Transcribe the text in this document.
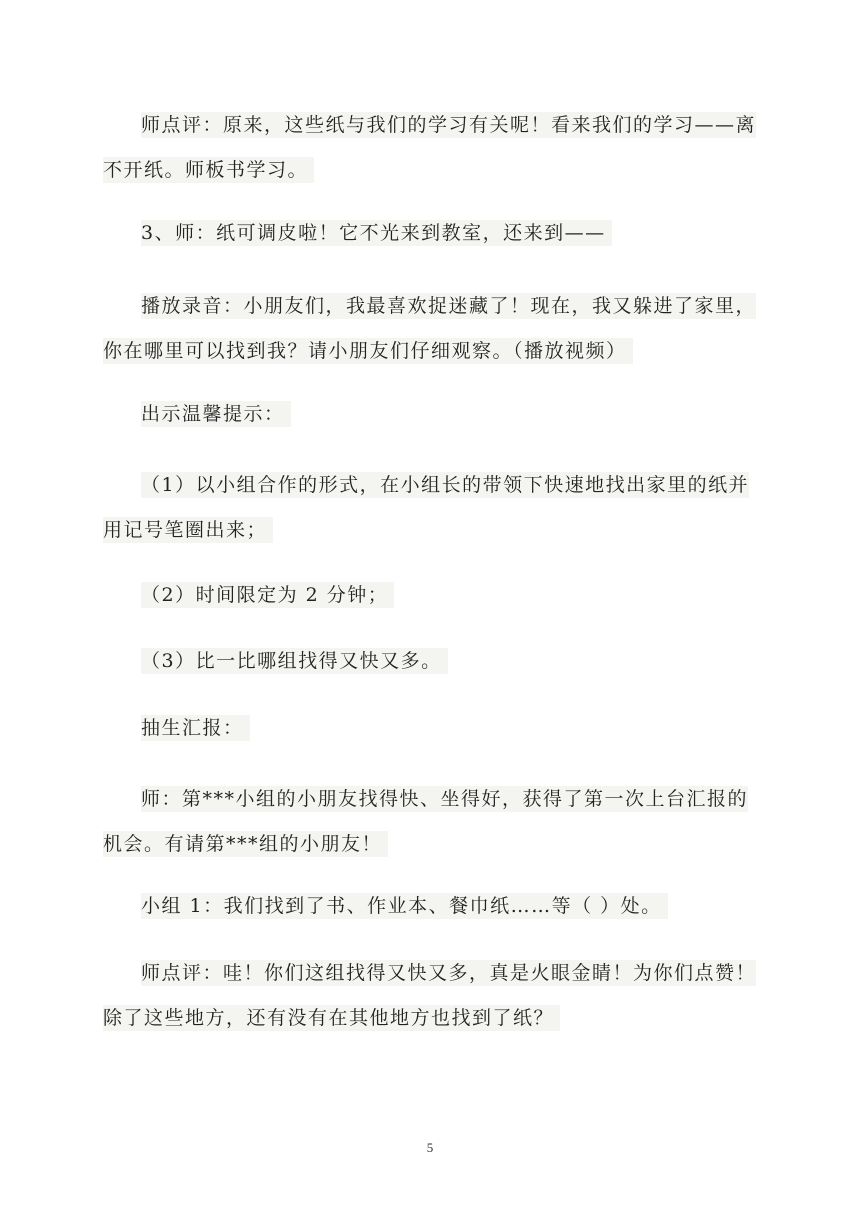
师点评：原来，这些纸与我们的学习有关呢！看来我们的学习——离不开纸。师板书学习。

3、师：纸可调皮啦！它不光来到教室，还来到——

播放录音：小朋友们，我最喜欢捉迷藏了！现在，我又躲进了家里，你在哪里可以找到我？请小朋友们仔细观察。（播放视频）

出示温馨提示：

（1）以小组合作的形式，在小组长的带领下快速地找出家里的纸并用记号笔圈出来；

（2）时间限定为 2 分钟；

（3）比一比哪组找得又快又多。

抽生汇报：

师：第***小组的小朋友找得快、坐得好，获得了第一次上台汇报的机会。有请第***组的小朋友！

小组 1：我们找到了书、作业本、餐巾纸……等（ ）处。

师点评：哇！你们这组找得又快又多，真是火眼金睛！为你们点赞！除了这些地方，还有没有在其他地方也找到了纸？

5
